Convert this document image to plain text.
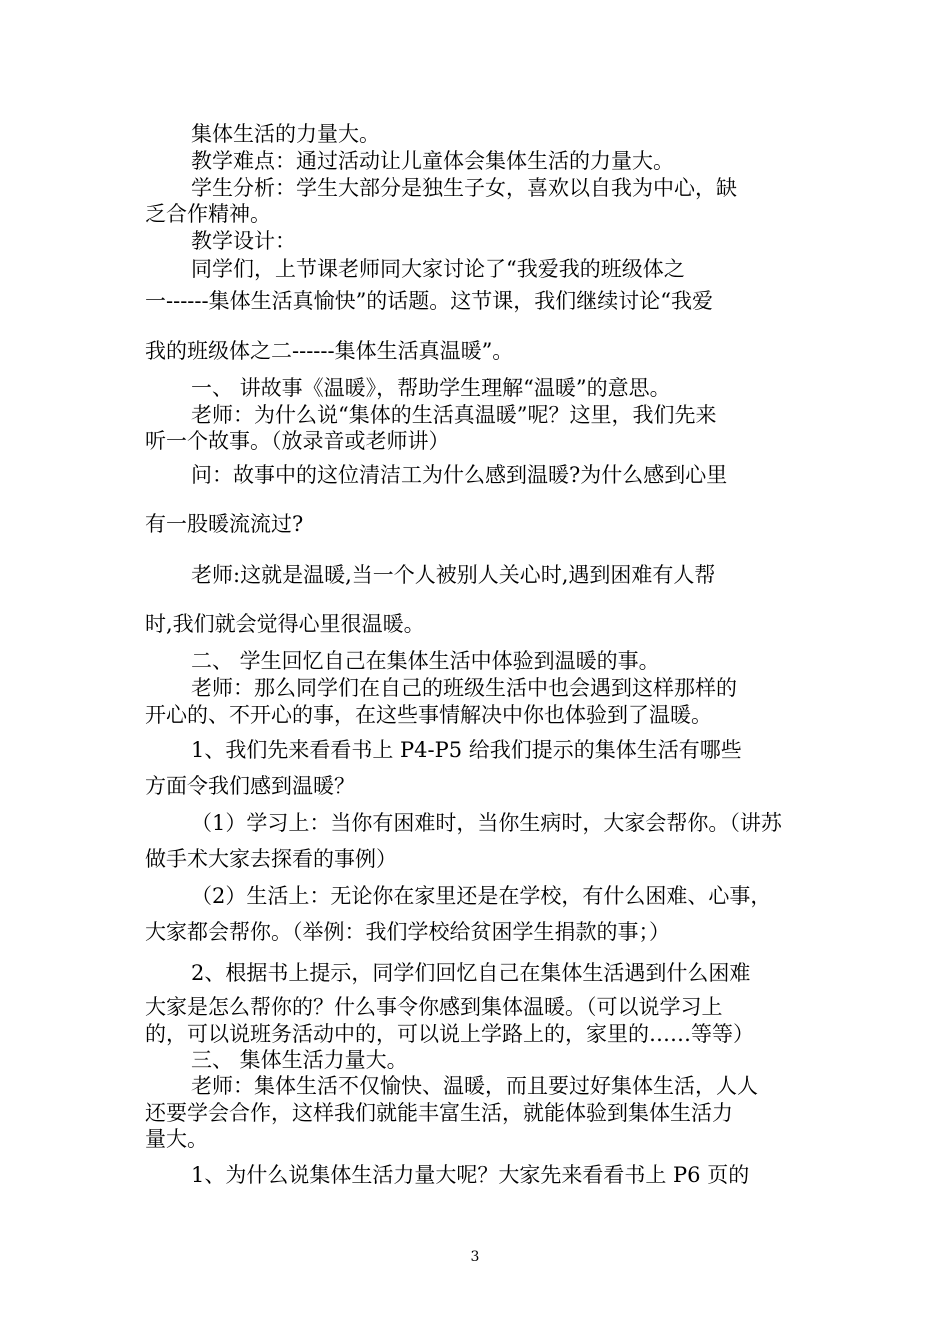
集体生活的力量大。
教学难点：通过活动让儿童体会集体生活的力量大。
学生分析：学生大部分是独生子女，喜欢以自我为中心，缺
乏合作精神。
教学设计：
同学们，上节课老师同大家讨论了“我爱我的班级体之
一------集体生活真愉快”的话题。这节课，我们继续讨论“我爱
我的班级体之二------集体生活真温暖”。
一、 讲故事《温暖》，帮助学生理解“温暖”的意思。
老师：为什么说“集体的生活真温暖”呢？这里，我们先来
听一个故事。（放录音或老师讲）
问：故事中的这位清洁工为什么感到温暖?为什么感到心里
有一股暖流流过?
老师:这就是温暖,当一个人被别人关心时,遇到困难有人帮
时,我们就会觉得心里很温暖。
二、 学生回忆自己在集体生活中体验到温暖的事。
老师：那么同学们在自己的班级生活中也会遇到这样那样的
开心的、不开心的事，在这些事情解决中你也体验到了温暖。
1、我们先来看看书上 P4-P5 给我们提示的集体生活有哪些
方面令我们感到温暖？
（1）学习上：当你有困难时，当你生病时，大家会帮你。（讲苏
做手术大家去探看的事例）
（2）生活上：无论你在家里还是在学校，有什么困难、心事，
大家都会帮你。（举例：我们学校给贫困学生捐款的事；）
2、根据书上提示，同学们回忆自己在集体生活遇到什么困难
大家是怎么帮你的？什么事令你感到集体温暖。（可以说学习上
的，可以说班务活动中的，可以说上学路上的，家里的……等等）
三、 集体生活力量大。
老师：集体生活不仅愉快、温暖，而且要过好集体生活，人人
还要学会合作，这样我们就能丰富生活，就能体验到集体生活力
量大。
1、为什么说集体生活力量大呢？大家先来看看书上 P6 页的
3
